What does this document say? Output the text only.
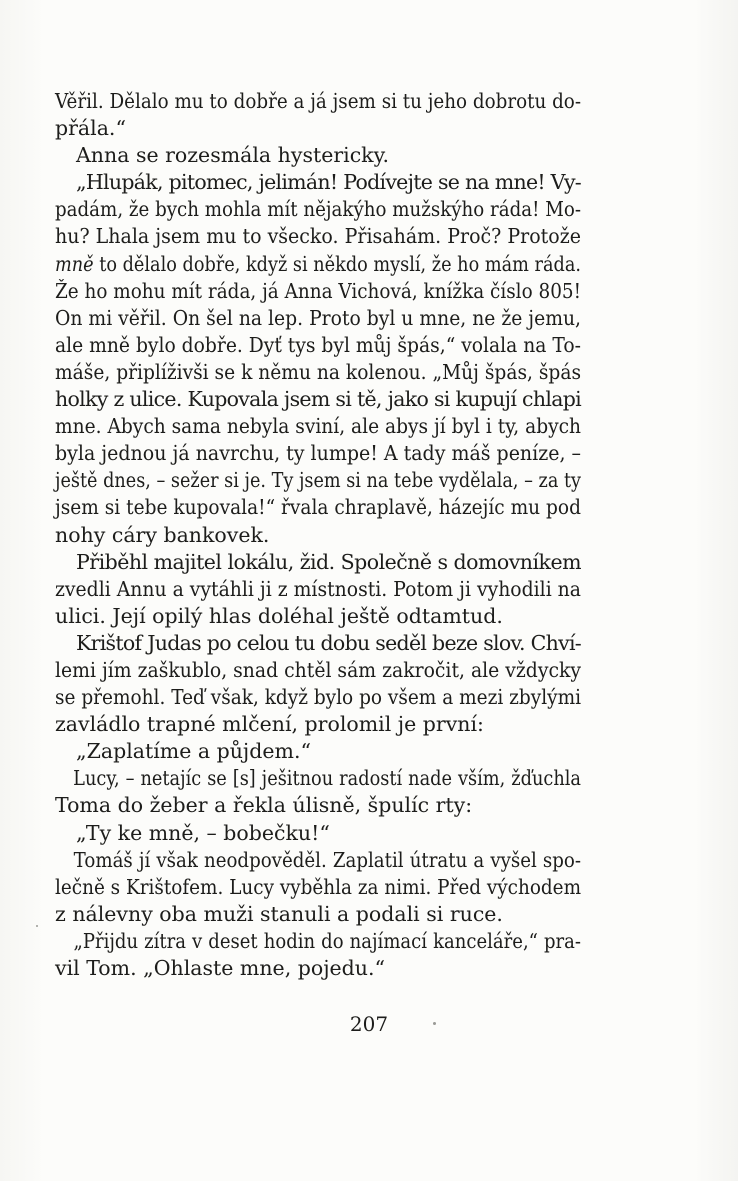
Věřil. Dělalo mu to dobře a já jsem si tu jeho dobrotu do-
přála.“
Anna se rozesmála hystericky.
„Hlupák, pitomec, jelimán! Podívejte se na mne! Vy-
padám, že bych mohla mít nějakýho mužskýho ráda! Mo-
hu? Lhala jsem mu to všecko. Přisahám. Proč? Protože
mně to dělalo dobře, když si někdo myslí, že ho mám ráda.
Že ho mohu mít ráda, já Anna Vichová, knížka číslo 805!
On mi věřil. On šel na lep. Proto byl u mne, ne že jemu,
ale mně bylo dobře. Dyť tys byl můj špás,“ volala na To-
máše, připlíživši se k němu na kolenou. „Můj špás, špás
holky z ulice. Kupovala jsem si tě, jako si kupují chlapi
mne. Abych sama nebyla sviní, ale abys jí byl i ty, abych
byla jednou já navrchu, ty lumpe! A tady máš peníze, –
ještě dnes, – sežer si je. Ty jsem si na tebe vydělala, – za ty
jsem si tebe kupovala!“ řvala chraplavě, házejíc mu pod
nohy cáry bankovek.
Přiběhl majitel lokálu, žid. Společně s domovníkem
zvedli Annu a vytáhli ji z místnosti. Potom ji vyhodili na
ulici. Její opilý hlas doléhal ještě odtamtud.
Krištof Judas po celou tu dobu seděl beze slov. Chví-
lemi jím zaškublo, snad chtěl sám zakročit, ale vždycky
se přemohl. Teď však, když bylo po všem a mezi zbylými
zavládlo trapné mlčení, prolomil je první:
„Zaplatíme a půjdem.“
Lucy, – netajíc se [s] ješitnou radostí nade vším, žďuchla
Toma do žeber a řekla úlisně, špulíc rty:
„Ty ke mně, – bobečku!“
Tomáš jí však neodpověděl. Zaplatil útratu a vyšel spo-
lečně s Krištofem. Lucy vyběhla za nimi. Před východem
z nálevny oba muži stanuli a podali si ruce.
„Přijdu zítra v deset hodin do najímací kanceláře,“ pra-
vil Tom. „Ohlaste mne, pojedu.“
207
